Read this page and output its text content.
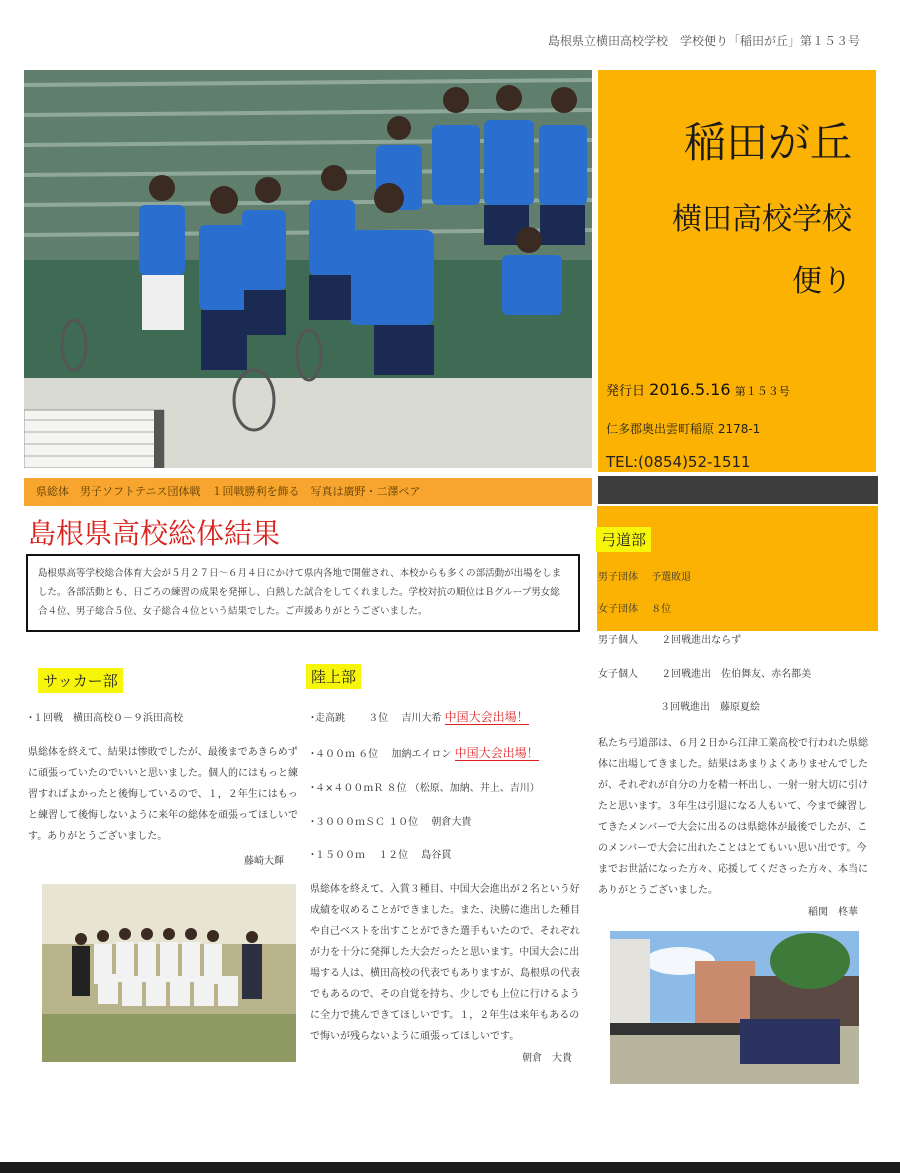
島根県立横田高校学校　学校便り「稲田が丘」第１５３号
稲田が丘
横田高校学校
便り
発行日 2016.5.16 第１５３号
仁多郡奥出雲町稲原 2178-1
TEL:(0854)52-1511
県総体　男子ソフトテニス団体戦　１回戦勝利を飾る　写真は廣野・二澤ペア
島根県高校総体結果
島根県高等学校総合体育大会が５月２７日～６月４日にかけて県内各地で開催され、本校からも多くの部活動が出場をしました。各部活動とも、日ごろの練習の成果を発揮し、白熱した試合をしてくれました。学校対抗の順位はＢグループ男女総合４位、男子総合５位、女子総合４位という結果でした。ご声援ありがとうございました。
サッカー部
･１回戦　横田高校０－９浜田高校
県総体を終えて、結果は惨敗でしたが、最後まであきらめずに頑張っていたのでいいと思いました。個人的にはもっと練習すればよかったと後悔しているので、１，２年生にはもっと練習して後悔しないように来年の総体を頑張ってほしいです。ありがとうございました。
藤崎大輝
陸上部
･走高跳　　 ３位　 吉川大希 中国大会出場！
･４００ｍ ６位　 加納エイロン 中国大会出場！
･４×４００ｍＲ ８位 （松原、加納、井上、吉川）
･３０００ｍＳＣ １０位　 朝倉大貴
･１５００ｍ　 １２位　 島谷貫
県総体を終えて、入賞３種目、中国大会進出が２名という好成績を収めることができました。また、決勝に進出した種目や自己ベストを出すことができた選手もいたので、それぞれが力を十分に発揮した大会だったと思います。中国大会に出場する人は、横田高校の代表でもありますが、島根県の代表でもあるので、その自覚を持ち、少しでも上位に行けるように全力で挑んできてほしいです。１，２年生は来年もあるので悔いが残らないように頑張ってほしいです。
朝倉　大貴
弓道部
男子団体　 予選敗退
女子団体　 ８位
男子個人　　 ２回戦進出ならず
女子個人　　 ２回戦進出　佐伯舞友、赤名都美
３回戦進出　藤原夏絵
私たち弓道部は、６月２日から江津工業高校で行われた県総体に出場してきました。結果はあまりよくありませんでしたが、それぞれが自分の力を精一杯出し、一射一射大切に引けたと思います。３年生は引退になる人もいて、今まで練習してきたメンバーで大会に出るのは県総体が最後でしたが、このメンバーで大会に出れたことはとてもいい思い出です。今までお世話になった方々、応援してくださった方々、本当にありがとうございました。
稲関　柊華
